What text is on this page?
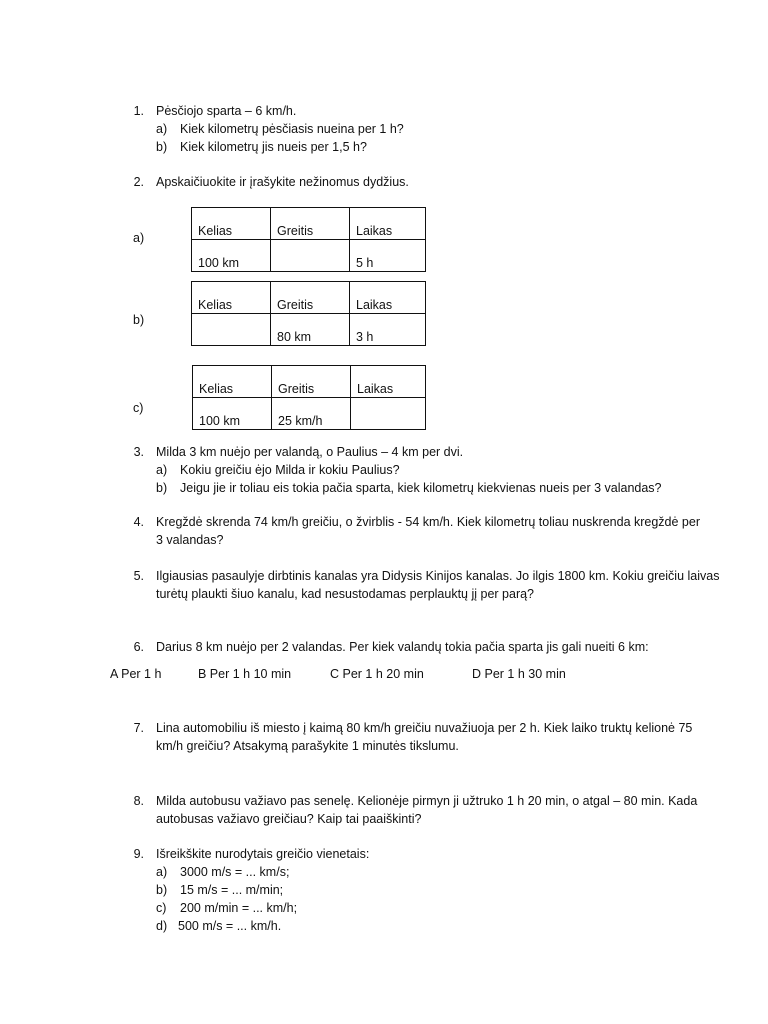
1. Pėsčiojo sparta – 6 km/h.
a) Kiek kilometrų pėsčiasis nueina per 1 h?
b) Kiek kilometrų jis nueis per 1,5 h?
2. Apskaičiuokite ir įrašykite nežinomus dydžius.
a)	Kelias	Greitis	Laikas
100 km		5 h
b)
Kelias	Greitis	Laikas
	80 km	3 h
c)
Kelias	Greitis	Laikas
100 km	25 km/h	
3. Milda 3 km nuėjo per valandą, o Paulius – 4 km per dvi.
a) Kokiu greičiu ėjo Milda ir kokiu Paulius?
b) Jeigu jie ir toliau eis tokia pačia sparta, kiek kilometrų kiekvienas nueis per 3 valandas?
4. Kregždė skrenda 74 km/h greičiu, o žvirblis - 54 km/h. Kiek kilometrų toliau nuskrenda kregždė per
3 valandas?
5. Ilgiausias pasaulyje dirbtinis kanalas yra Didysis Kinijos kanalas. Jo ilgis 1800 km. Kokiu greičiu laivas
turėtų plaukti šiuo kanalu, kad nesustodamas perplauktų jį per parą?
6. Darius 8 km nuėjo per 2 valandas. Per kiek valandų tokia pačia sparta jis gali nueiti 6 km:
A Per 1 h	B Per 1 h 10 min	C Per 1 h 20 min	D Per 1 h 30 min
7. Lina automobiliu iš miesto į kaimą 80 km/h greičiu nuvažiuoja per 2 h. Kiek laiko truktų kelionė 75
km/h greičiu? Atsakymą parašykite 1 minutės tikslumu.
8. Milda autobusu važiavo pas senelę. Kelionėje pirmyn ji užtruko 1 h 20 min, o atgal – 80 min. Kada
autobusas važiavo greičiau? Kaip tai paaiškinti?
9. Išreikškite nurodytais greičio vienetais:
a) 3000 m/s = ... km/s;
b) 15 m/s = ... m/min;
c) 200 m/min = ... km/h;
d) 500 m/s = ... km/h.
